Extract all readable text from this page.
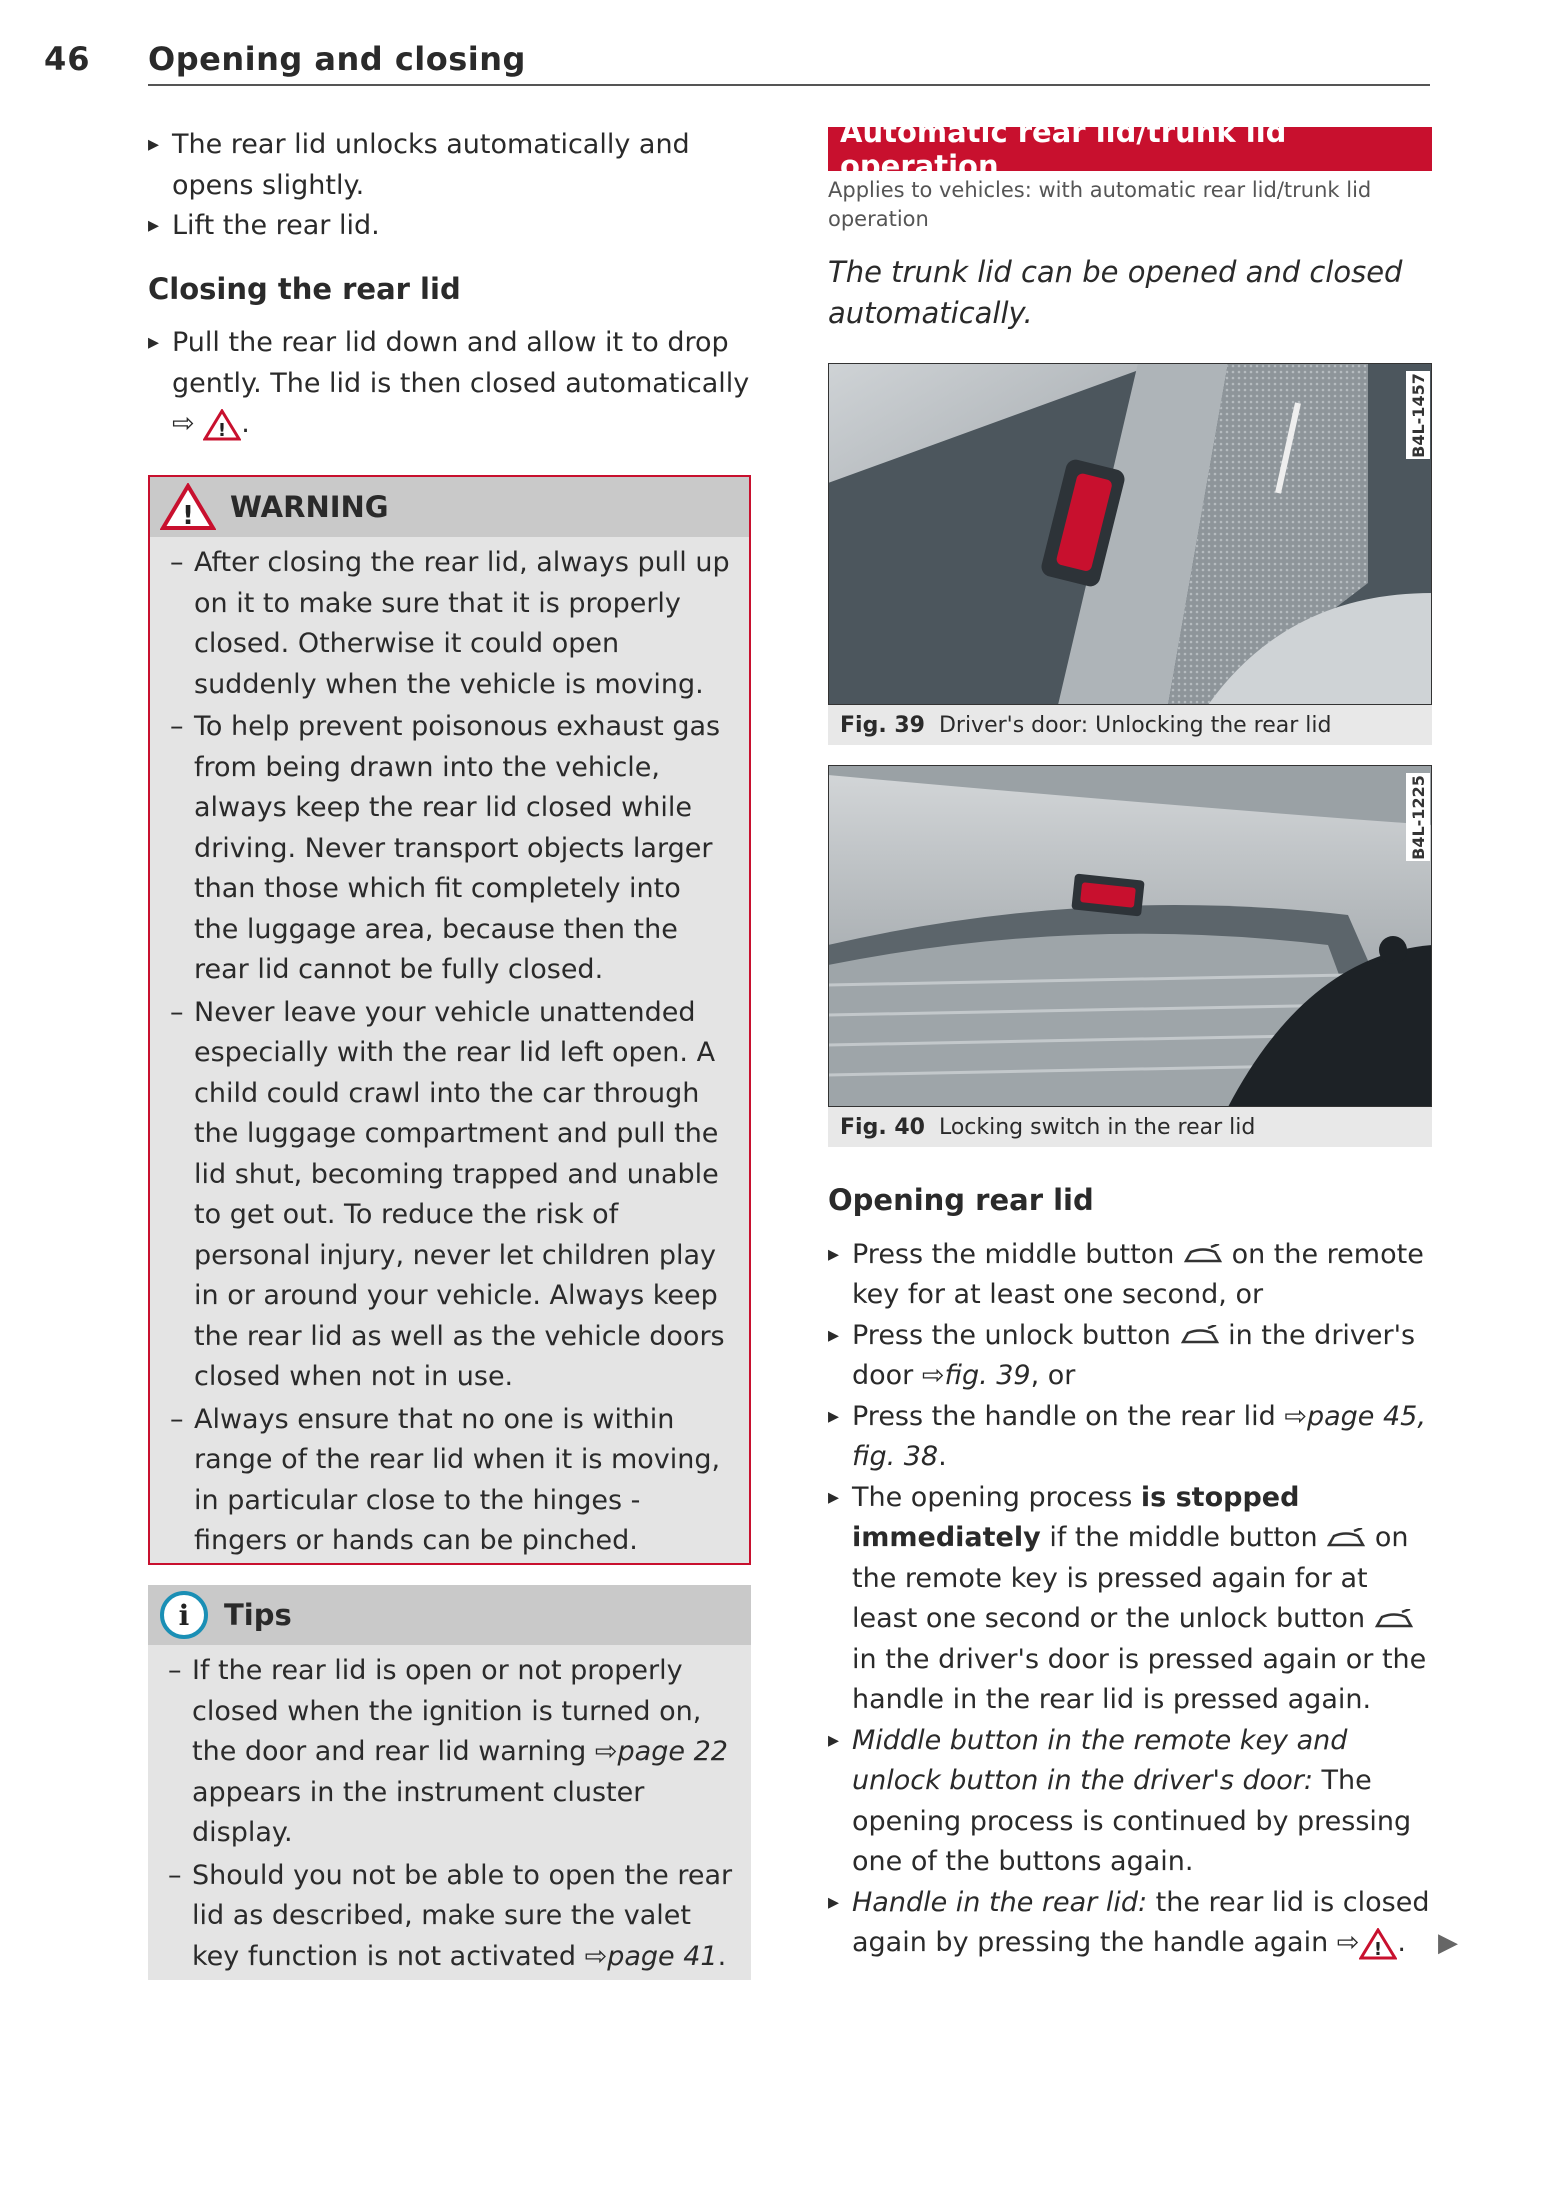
46 Opening and closing
▸ The rear lid unlocks automatically and opens slightly.
▸ Lift the rear lid.
Closing the rear lid
▸ Pull the rear lid down and allow it to drop gently. The lid is then closed automatically
⇨ ! .
! WARNING
– After closing the rear lid, always pull up on it to make sure that it is properly closed. Otherwise it could open suddenly when the vehicle is moving.
– To help prevent poisonous exhaust gas from being drawn into the vehicle, always keep the rear lid closed while driving. Never transport objects larger than those which fit completely into the luggage area, because then the rear lid cannot be fully closed.
– Never leave your vehicle unattended especially with the rear lid left open. A child could crawl into the car through the luggage compartment and pull the lid shut, becoming trapped and unable to get out. To reduce the risk of personal injury, never let children play in or around your vehicle. Always keep the rear lid as well as the vehicle doors closed when not in use.
– Always ensure that no one is within range of the rear lid when it is moving, in particular close to the hinges - fingers or hands can be pinched.
i Tips
– If the rear lid is open or not properly closed when the ignition is turned on, the door and rear lid warning ⇨page 22 appears in the instrument cluster display.
– Should you not be able to open the rear lid as described, make sure the valet key function is not activated ⇨page 41.
Automatic rear lid/trunk lid operation
Applies to vehicles: with automatic rear lid/trunk lid operation
The trunk lid can be opened and closed automatically.
B4L-1457
Fig. 39
Driver's door: Unlocking the rear lid
B4L-1225
Fig. 40
Locking switch in the rear lid
Opening rear lid
▸ Press the middle button on the remote key for at least one second, or
▸ Press the unlock button in the driver's door ⇨fig. 39, or
▸ Press the handle on the rear lid ⇨page 45, fig. 38.
▸ The opening process is stopped immediately if the middle button on the remote key is pressed again for at least one second or the unlock button  in the driver's door is pressed again or the handle in the rear lid is pressed again.
▸ Middle button in the remote key and unlock button in the driver's door: The opening process is continued by pressing one of the buttons again.
▸ Handle in the rear lid: the rear lid is closed again by pressing the handle again ⇨ ! .	▶
